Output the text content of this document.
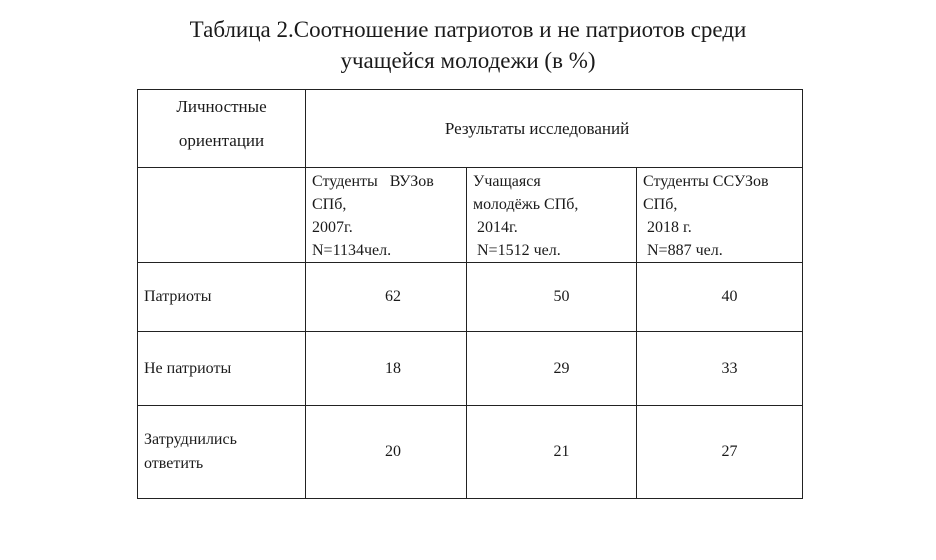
Таблица 2.Соотношение патриотов и не патриотов среди
учащейся молодежи (в %)
Личностные
ориентации	Результаты исследований		

	Студенты   ВУЗов
СПб,
2007г.
N=1134чел.	Учащаяся
молодёжь СПб,
2014г.
N=1512 чел.	Студенты ССУЗов
СПб,
2018 г.
N=887 чел.

Патриоты	62	50	40
Не патриоты	18	29	33

Затруднились
ответить	20	21	27
